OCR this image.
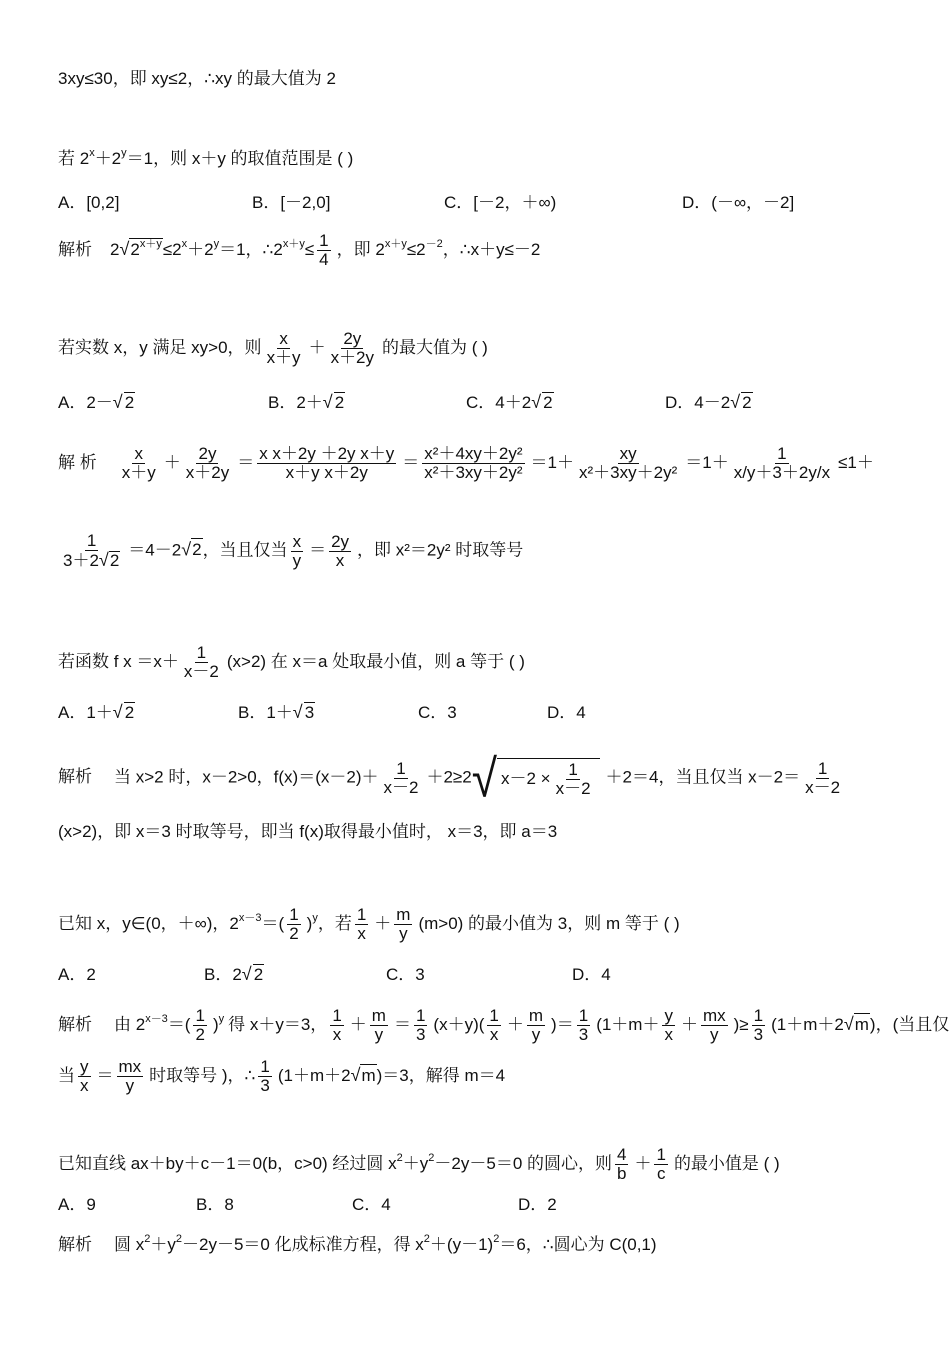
3xy≤30，即 xy≤2，∴xy 的最大值为 2
若 $2^x+2^y=1$，则 x＋y 的取值范围是 ( )
A．[0,2]	B．[－2,0]	C．[－2，＋∞)	D．(－∞，－2]
解析 $2√2^{x+y}\le 2^x+2^y=1$，$\therefore 2^{x+y}\le \frac{1}{4}$ ，即 $2^{x+y}\le 2^{-2}$，∴x＋y≤－2
若实数 x，y 满足 xy>0，则 $\frac{x}{x+y} + \frac{2y}{x+2y}$ 的最大值为 ( )
A．2－√ 2	B．2＋√ 2	C．4＋2√ 2	D．4－2√ 2
解 析 $\frac{x}{x+y} + \frac{2y}{x+2y} = \frac{\text{x x＋2y ＋2y x＋y}}{\text{x＋y x＋2y}} = \frac{\text{x²＋4xy＋2y²}}{\text{x²＋3xy＋2y²}} =1+ \frac{xy}{\text{x²＋3xy＋2y²}} =1+ \frac{1}{x/y+3+2y/x} \le 1+$
$\frac{1}{3+2√2} =4-2√2$，当且仅当 $\frac{x}{y} = \frac{2y}{x}$ ，即 x²＝2y² 时取等号
若函数 f $x =x+ \frac{1}{x-2} (x>2)$ 在 x＝a 处取最小值，则 a 等于 ( )
A．1＋√ 2	B．1＋√ 3	C．3	D．4
解析 当 x>2 时，x－2>0，$f(x)=(x-2)+ \frac{1}{x-2} +2\ge 2√$ $x-2 \times \frac{1}{x-2} +2=4$，当且仅当 $x-2= \frac{1}{x-2}$
(x>2)，即 x＝3 时取等号，即当 f(x)取得最小值时， x＝3，即 a＝3
已知 x，y∈(0，＋∞)，$2^{x-3}=( \frac{1}{2} )^y$，若 $\frac{1}{x} + \frac{m}{y} (m>0)$ 的最小值为 3，则 m 等于 ( )
A．2	B．2√ 2	C．3	D．4
解析 由 $2^{x-3}=( \frac{1}{2} )^y$ 得 x＋y＝3， $\frac{1}{x} + \frac{m}{y} = \frac{1}{3} (x+y)( \frac{1}{x} + \frac{m}{y}$ )＝ $\frac{1}{3} (1+m+ \frac{y}{x} + \frac{mx}{y}$ )≥ $\frac{1}{3} (1+m+2√m)$，(当且仅
当 $\frac{y}{x} = \frac{mx}{y}$ 时取等号 )，∴ $\frac{1}{3} (1+m+2√m)=3$，解得 m＝4
已知直线 ax＋by＋c－1＝0(b，c>0) 经过圆 $x^2+y^2-2y-5=0$ 的圆心，则 $\frac{4}{b} + \frac{1}{c}$ 的最小值是 ( )
A．9	B．8	C．4	D．2
解析 圆 $x^2+y^2-2y-5=0$ 化成标准方程，得 $x^2+(y-1)^2=6$，∴圆心为 C(0,1)
